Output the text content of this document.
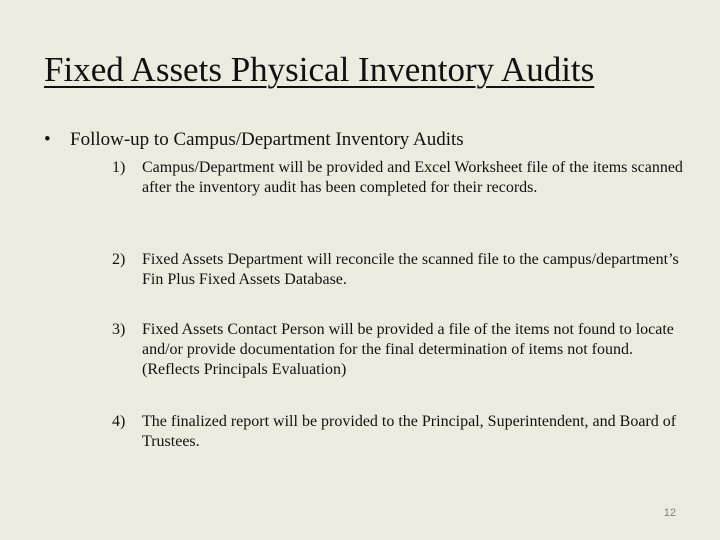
Fixed Assets Physical Inventory Audits
• Follow-up to Campus/Department Inventory Audits
1) Campus/Department will be provided and Excel Worksheet file of the items scanned after the inventory audit has been completed for their records.
2) Fixed Assets Department will reconcile the scanned file to the campus/department’s Fin Plus Fixed Assets Database.
3) Fixed Assets Contact Person will be provided a file of the items not found to locate and/or provide documentation for the final determination of items not found. (Reflects Principals Evaluation)
4) The finalized report will be provided to the Principal, Superintendent, and Board of Trustees.
12
